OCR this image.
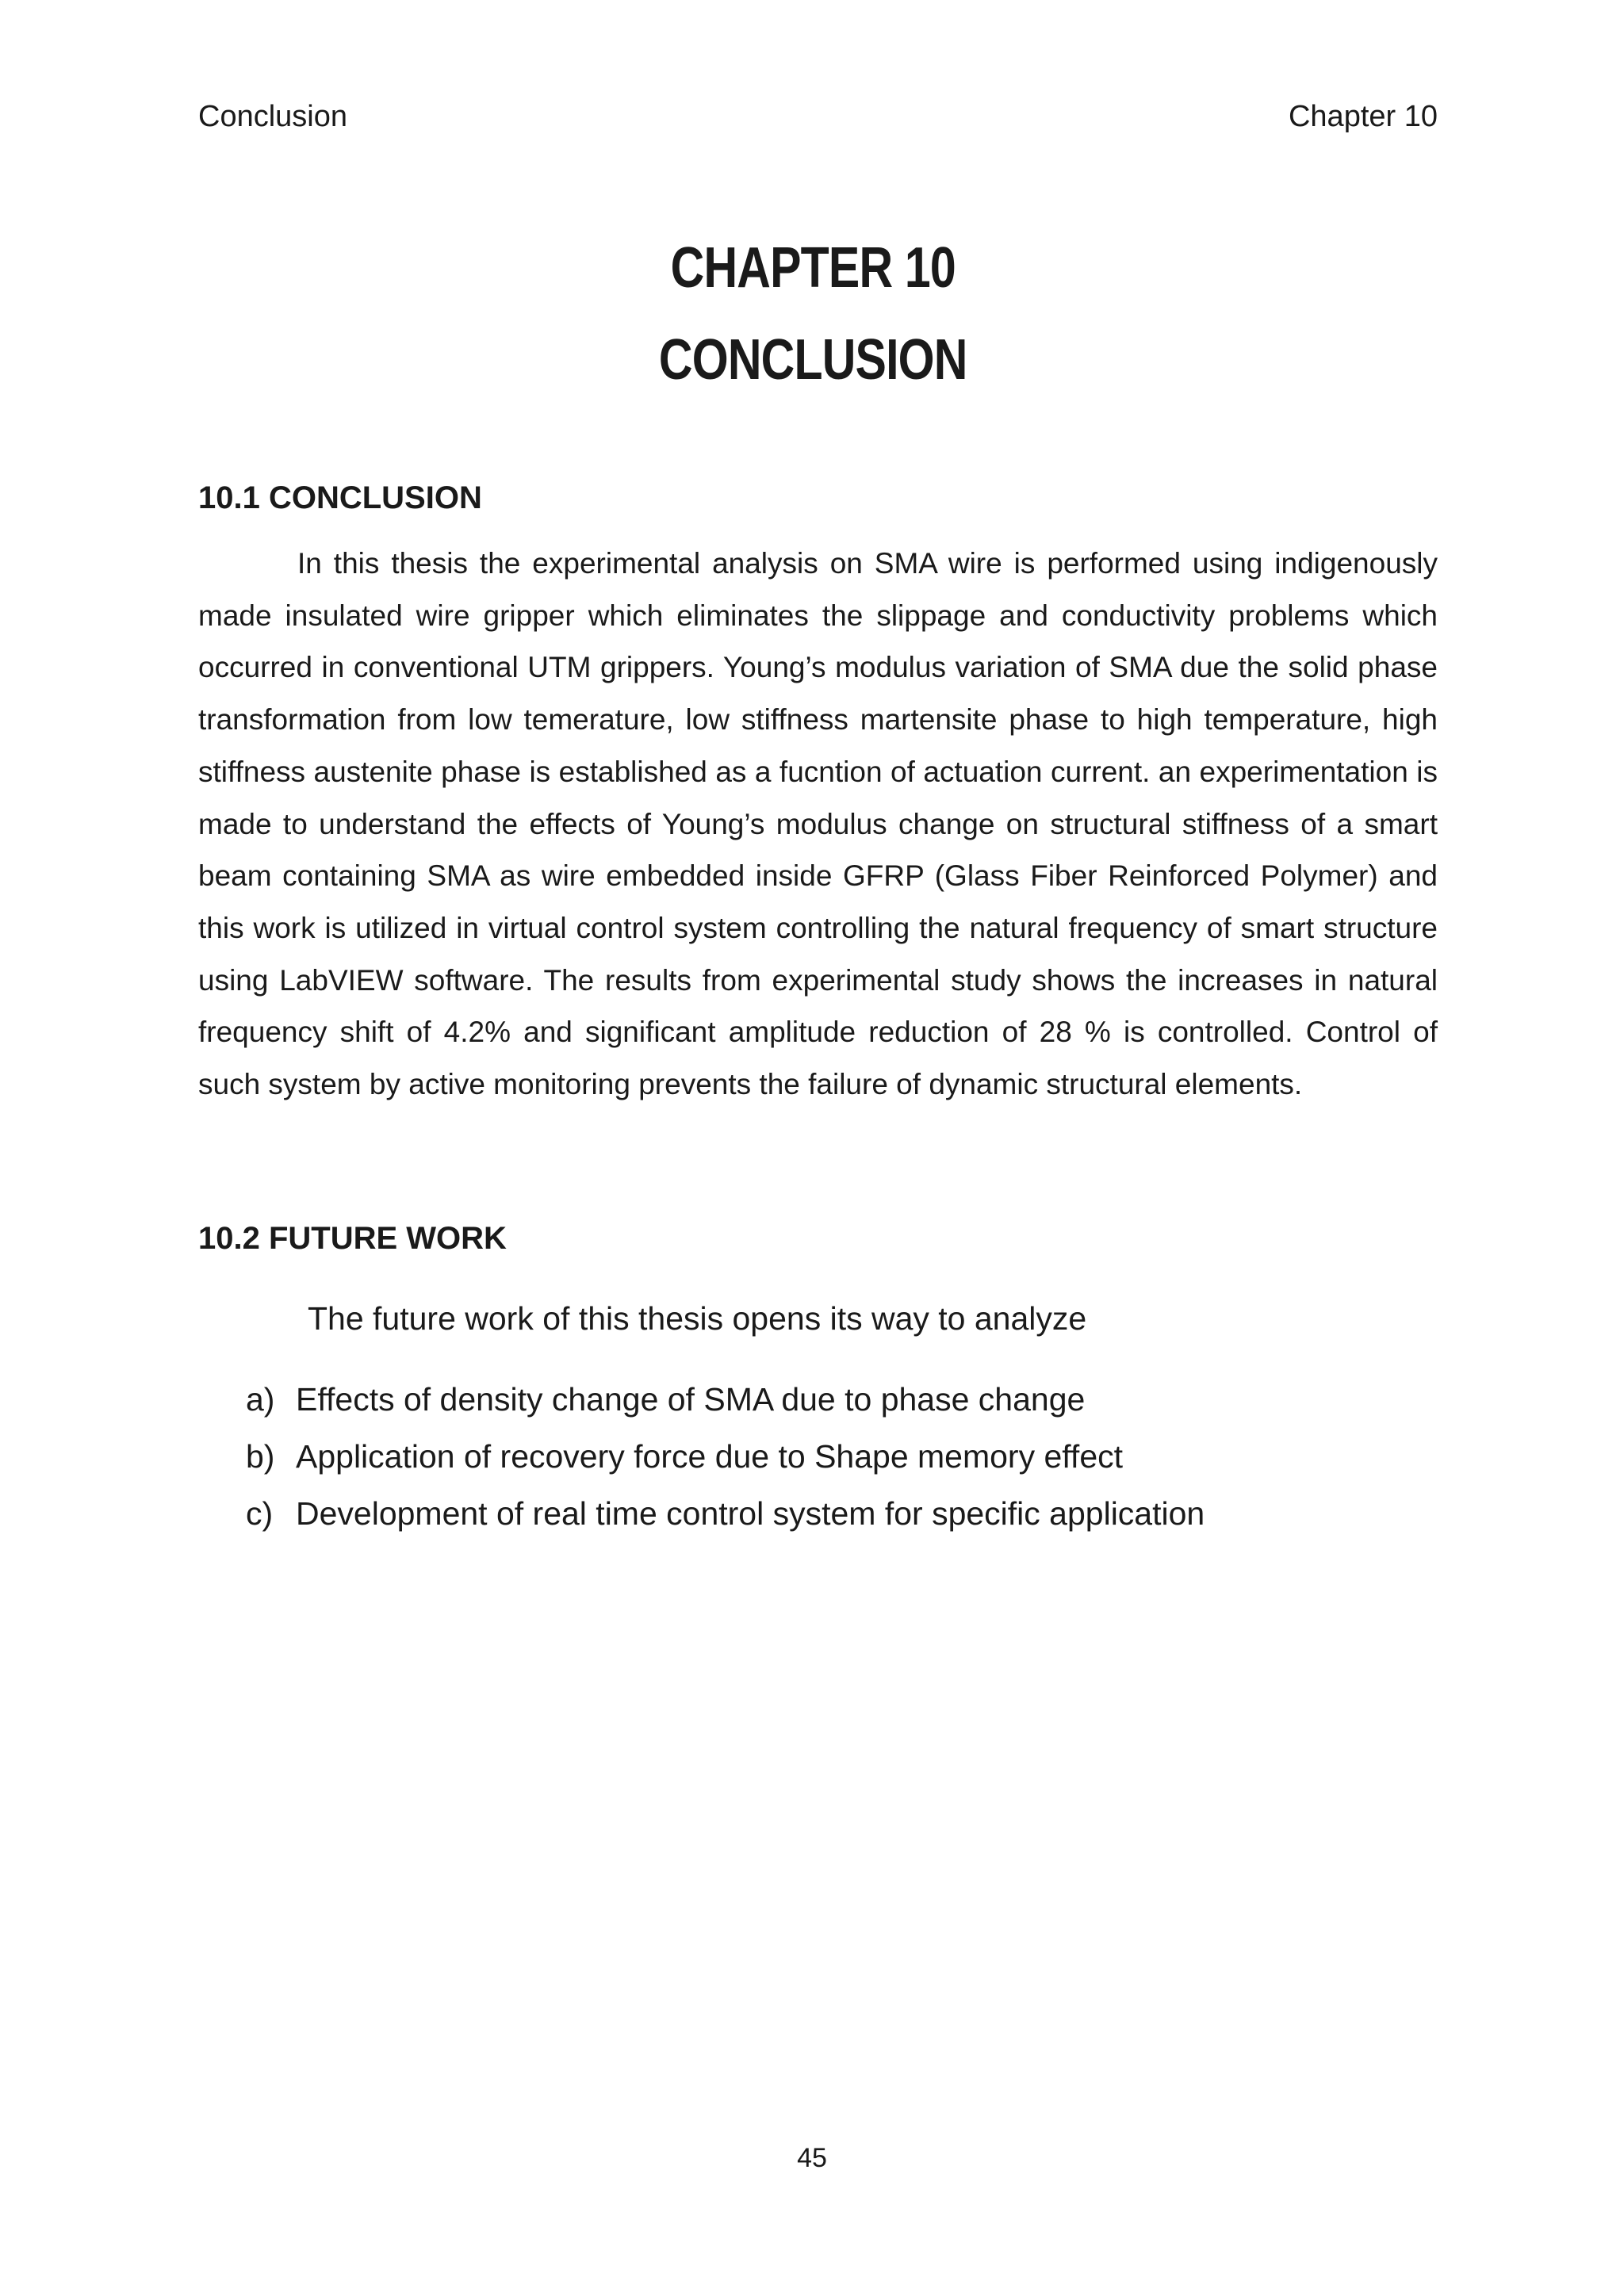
Conclusion	Chapter 10
CHAPTER 10
CONCLUSION
10.1 CONCLUSION

In this thesis the experimental analysis on SMA wire is performed using indigenously made insulated wire gripper which eliminates the slippage and conductivity problems which occurred in conventional UTM grippers. Young’s modulus variation of SMA due the solid phase transformation from low temerature, low stiffness martensite phase to high temperature, high stiffness austenite phase is established as a fucntion of actuation current. an experimentation is made to understand the effects of Young’s modulus change on structural stiffness of a smart beam containing SMA as wire embedded inside GFRP (Glass Fiber Reinforced Polymer) and this work is utilized in virtual control system controlling the natural frequency of smart structure using LabVIEW software. The results from experimental study shows the increases in natural frequency shift of 4.2% and significant amplitude reduction of 28 % is controlled. Control of such system by active monitoring prevents the failure of dynamic structural elements.

10.2 FUTURE WORK
The future work of this thesis opens its way to analyze
a) Effects of density change of SMA due to phase change
b) Application of recovery force due to Shape memory effect
c) Development of real time control system for specific application
45
